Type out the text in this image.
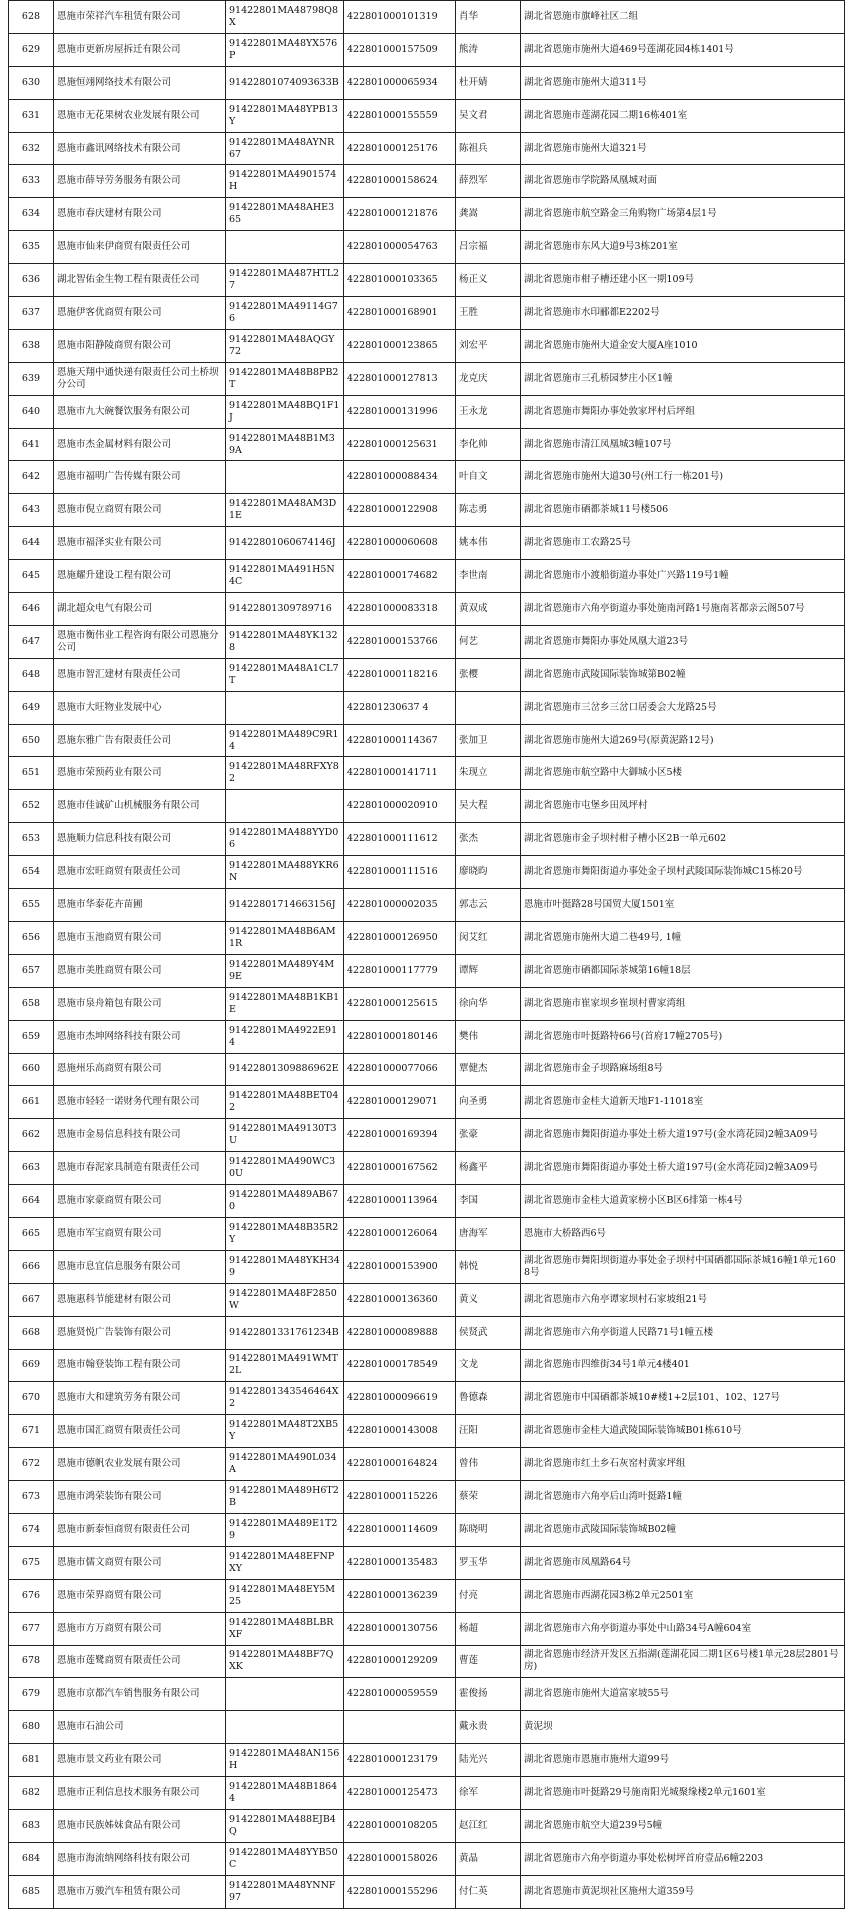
628	恩施市荣祥汽车租赁有限公司	91422801MA48798Q8X	422801000101319	肖华	湖北省恩施市旗峰社区二组
629	恩施市更新房屋拆迁有限公司	91422801MA48YX576P	422801000157509	熊涛	湖北省恩施市施州大道469号莲湖花园4栋1401号
630	恩施恒翊网络技术有限公司	91422801074093633B	422801000065934	杜开婧	湖北省恩施市施州大道311号
631	恩施市无花果树农业发展有限公司	91422801MA48YPB13Y	422801000155559	吴文君	湖北省恩施市莲湖花园二期16栋401室
632	恩施市鑫讯网络技术有限公司	91422801MA48AYNR67	422801000125176	陈祖兵	湖北省恩施市施州大道321号
633	恩施市薛导劳务服务有限公司	91422801MA4901574H	422801000158624	薛烈军	湖北省恩施市学院路凤凰城对面
634	恩施市春庆建材有限公司	91422801MA48AHE365	422801000121876	龚嵩	湖北省恩施市航空路金三角购物广场第4层1号
635	恩施市仙来伊商贸有限责任公司		422801000054763	吕宗福	湖北省恩施市东风大道9号3栋201室
636	湖北智佑金生物工程有限责任公司	91422801MA487HTL27	422801000103365	杨正义	湖北省恩施市柑子槽还建小区一期109号
637	恩施伊客优商贸有限公司	91422801MA49114G76	422801000168901	王胜	湖北省恩施市水印郦都E2202号
638	恩施市阳静陵商贸有限公司	91422801MA48AQGY72	422801000123865	刘宏平	湖北省恩施市施州大道金安大厦A座1010
639	恩施天翔中通快递有限责任公司土桥坝分公司	91422801MA48B8PB2T	422801000127813	龙克庆	湖北省恩施市三孔桥园梦庄小区1幢
640	恩施市九大碗餐饮服务有限公司	91422801MA48BQ1F1J	422801000131996	王永龙	湖北省恩施市舞阳办事处敦家坪村后坪组
641	恩施市杰金属材料有限公司	91422801MA48B1M39A	422801000125631	李化帅	湖北省恩施市清江凤凰城3幢107号
642	恩施市福明广告传媒有限公司		422801000088434	叶自文	湖北省恩施市施州大道30号(州工行一栋201号)
643	恩施市倪立商贸有限公司	91422801MA48AM3D1E	422801000122908	陈志勇	湖北省恩施市硒都茶城11号楼506
644	恩施市福泽实业有限公司	91422801060674146J	422801000060608	姚本伟	湖北省恩施市工农路25号
645	恩施耀升建设工程有限公司	91422801MA491H5N4C	422801000174682	李世南	湖北省恩施市小渡船街道办事处广兴路119号1幢
646	湖北超众电气有限公司	91422801309789716	422801000083318	黄双成	湖北省恩施市六角亭街道办事处施南河路1号施南茗都亲云阁507号
647	恩施市衡伟业工程咨询有限公司恩施分公司	91422801MA48YK1328	422801000153766	何艺	湖北省恩施市舞阳办事处凤凰大道23号
648	恩施市智汇建材有限责任公司	91422801MA48A1CL7T	422801000118216	张樱	湖北省恩施市武陵国际装饰城第B02幢
649	恩施市大旺物业发展中心		422801230637 4		湖北省恩施市三岔乡三岔口居委会大龙路25号
650	恩施东雅广告有限责任公司	91422801MA489C9R14	422801000114367	张加卫	湖北省恩施市施州大道269号(原黄泥路12号)
651	恩施市荣预药业有限公司	91422801MA48RFXY82	422801000141711	朱现立	湖北省恩施市航空路中大御城小区5楼
652	恩施市佳诚矿山机械服务有限公司		422801000020910	吴大程	湖北省恩施市屯堡乡田凤坪村
653	恩施顺力信息科技有限公司	91422801MA488YYD06	422801000111612	张杰	湖北省恩施市金子坝村柑子槽小区2B一单元602
654	恩施市宏旺商贸有限责任公司	91422801MA488YKR6N	422801000111516	廖晓昀	湖北省恩施市舞阳街道办事处金子坝村武陵国际装饰城C15栋20号
655	恩施市华泰花卉苗圃	91422801714663156J	422801000002035	郭志云	恩施市叶挺路28号国贸大厦1501室
656	恩施市玉池商贸有限公司	91422801MA48B6AM1R	422801000126950	闵艾红	湖北省恩施市施州大道二巷49号, 1幢
657	恩施市美胜商贸有限公司	91422801MA489Y4M9E	422801000117779	谭辉	湖北省恩施市硒都国际茶城第16幢18层
658	恩施市泉舟箱包有限公司	91422801MA48B1KB1E	422801000125615	徐向华	湖北省恩施市崔家坝乡崔坝村曹家湾组
659	恩施市杰坤网络科技有限公司	91422801MA4922E914	422801000180146	樊伟	湖北省恩施市叶挺路特66号(首府17幢2705号)
660	恩施州乐高商贸有限公司	91422801309886962E	422801000077066	覃健杰	湖北省恩施市金子坝路麻场组8号
661	恩施市轻轻一诺财务代理有限公司	91422801MA48BET042	422801000129071	向圣勇	湖北省恩施市金桂大道新天地F1-11018室
662	恩施市金易信息科技有限公司	91422801MA49130T3U	422801000169394	张豪	湖北省恩施市舞阳街道办事处土桥大道197号(金水湾花园)2幢3A09号
663	恩施市春泥家具制造有限责任公司	91422801MA490WC30U	422801000167562	杨鑫平	湖北省恩施市舞阳街道办事处土桥大道197号(金水湾花园)2幢3A09号
664	恩施市家豪商贸有限公司	91422801MA489AB670	422801000113964	李国	湖北省恩施市金桂大道黄家榜小区B区6排第一栋4号
665	恩施市军宝商贸有限公司	91422801MA48B35R2Y	422801000126064	唐海军	恩施市大桥路西6号
666	恩施市息宜信息服务有限公司	91422801MA48YKH349	422801000153900	韩悦	湖北省恩施市舞阳坝街道办事处金子坝村中国硒都国际茶城16幢1单元1608号
667	恩施惠科节能建材有限公司	91422801MA48F2850W	422801000136360	黄义	湖北省恩施市六角亭谭家坝村石家坡组21号
668	恩施贤悦广告装饰有限公司	91422801331761234B	422801000089888	侯贤武	湖北省恩施市六角亭街道人民路71号1幢五楼
669	恩施市翰登装饰工程有限公司	91422801MA491WMT2L	422801000178549	文龙	湖北省恩施市四维街34号1单元4楼401
670	恩施市大和建筑劳务有限公司	91422801343546464X2	422801000096619	鲁德森	湖北省恩施市中国硒都茶城10#楼1+2层101、102、127号
671	恩施市国汇商贸有限责任公司	91422801MA48T2XB5Y	422801000143008	汪阳	湖北省恩施市金桂大道武陵国际装饰城B01栋610号
672	恩施市德帆农业发展有限公司	91422801MA490L034A	422801000164824	曾伟	湖北省恩施市红土乡石灰窑村黄家坪组
673	恩施市鸿荣装饰有限公司	91422801MA489H6T2B	422801000115226	蔡荣	湖北省恩施市六角亭后山湾叶挺路1幢
674	恩施市新泰恒商贸有限责任公司	91422801MA489E1T29	422801000114609	陈晓明	湖北省恩施市武陵国际装饰城B02幢
675	恩施市儒文商贸有限公司	91422801MA48EFNPXY	422801000135483	罗玉华	湖北省恩施市凤凰路64号
676	恩施市荣界商贸有限公司	91422801MA48EY5M25	422801000136239	付亮	湖北省恩施市西湖花园3栋2单元2501室
677	恩施市方万商贸有限公司	91422801MA48BLBRXF	422801000130756	杨超	湖北省恩施市六角亭街道办事处中山路34号A幢604室
678	恩施市莲鹭商贸有限责任公司	91422801MA48BF7QXK	422801000129209	曹莲	湖北省恩施市经济开发区五指湖(莲湖花园二期1区6号楼1单元28层2801号房)
679	恩施市京都汽车销售服务有限公司		422801000059559	霍俊扬	湖北省恩施市施州大道富家坡55号
680	恩施市石油公司			戴永贵	黄泥坝
681	恩施市景文药业有限公司	91422801MA48AN156H	422801000123179	陆光兴	湖北省恩施市恩施市施州大道99号
682	恩施市正利信息技术服务有限公司	91422801MA48B18644	422801000125473	徐军	湖北省恩施市叶挺路29号施南阳光城聚缘楼2单元1601室
683	恩施市民族姊妹食品有限公司	91422801MA488EJB4Q	422801000108205	赵江红	湖北省恩施市航空大道239号5幢
684	恩施市海流纳网络科技有限公司	91422801MA48YYB50C	422801000158026	黄晶	湖北省恩施市六角亭街道办事处松树坪首府壹品6幢2203
685	恩施市万骏汽车租赁有限公司	91422801MA48YNNF97	422801000155296	付仁英	湖北省恩施市黄泥坝社区施州大道359号
